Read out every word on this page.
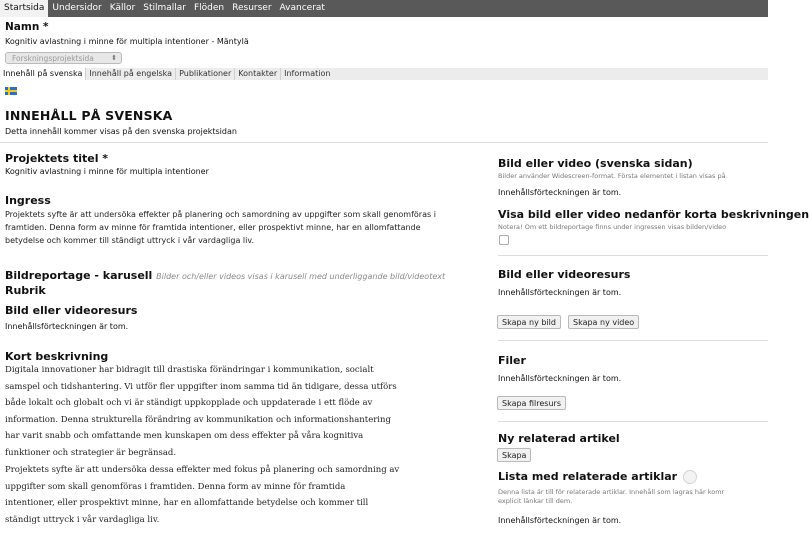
Startsida Undersidor Källor Stilmallar Flöden Resurser Avancerat
Namn *
Kognitiv avlastning i minne för multipla intentioner - Mäntylä
Forskningsprojektsida ⬍
Innehåll på svenska Innehåll på engelska Publikationer Kontakter Information
INNEHÅLL PÅ SVENSKA
Detta innehåll kommer visas på den svenska projektsidan
Projektets titel *
Kognitiv avlastning i minne för multipla intentioner
Ingress
Projektets syfte är att undersöka effekter på planering och samordning av uppgifter som skall genomföras i
framtiden. Denna form av minne för framtida intentioner, eller prospektivt minne, har en allomfattande
betydelse och kommer till ständigt uttryck i vår vardagliga liv.
Bildreportage - karusell Bilder och/eller videos visas i karusell med underliggande bild/videotext
Rubrik
Bild eller videoresurs
Innehållsförteckningen är tom.
Kort beskrivning
Digitala innovationer har bidragit till drastiska förändringar i kommunikation, socialt
samspel och tidshantering. Vi utför fler uppgifter inom samma tid än tidigare, dessa utförs
både lokalt och globalt och vi är ständigt uppkopplade och uppdaterade i ett flöde av
information. Denna strukturella förändring av kommunikation och informationshantering
har varit snabb och omfattande men kunskapen om dess effekter på våra kognitiva
funktioner och strategier är begränsad.
Projektets syfte är att undersöka dessa effekter med fokus på planering och samordning av
uppgifter som skall genomföras i framtiden. Denna form av minne för framtida
intentioner, eller prospektivt minne, har en allomfattande betydelse och kommer till
ständigt uttryck i vår vardagliga liv.
Bild eller video (svenska sidan)
Bilder använder Widescreen-format. Första elementet i listan visas på
Innehållsförteckningen är tom.
Visa bild eller video nedanför korta beskrivningen
Notera! Om ett bildreportage finns under ingressen visas bilden/video
Bild eller videoresurs
Innehållsförteckningen är tom.
Skapa ny bild	Skapa ny video
Filer
Innehållsförteckningen är tom.
Skapa filresurs
Ny relaterad artikel
Skapa
Lista med relaterade artiklar
Denna lista är till för relaterade artiklar. Innehåll som lagras här komr
explicit länkar till dem.
Innehållsförteckningen är tom.
